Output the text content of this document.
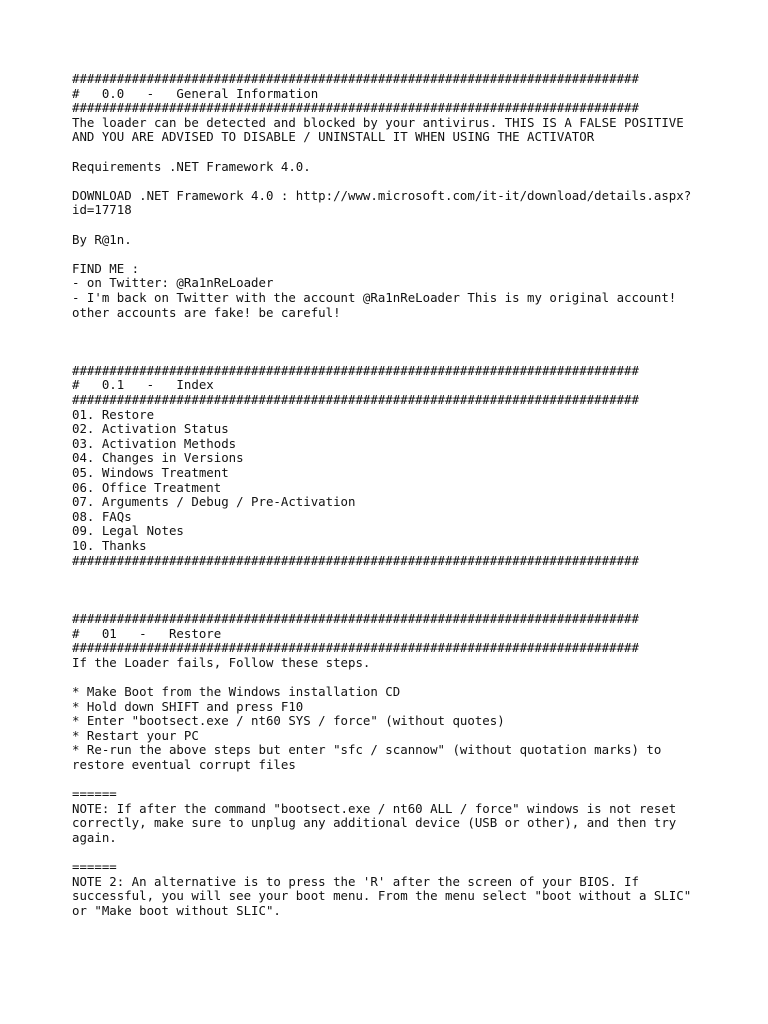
############################################################################
#   0.0   -   General Information
############################################################################
The loader can be detected and blocked by your antivirus. THIS IS A FALSE POSITIVE
AND YOU ARE ADVISED TO DISABLE / UNINSTALL IT WHEN USING THE ACTIVATOR
Requirements .NET Framework 4.0.
DOWNLOAD .NET Framework 4.0 : http://www.microsoft.com/it-it/download/details.aspx?
id=17718
By R@1n.
FIND ME :
- on Twitter: @Ra1nReLoader
- I'm back on Twitter with the account @Ra1nReLoader This is my original account!
other accounts are fake! be careful!
############################################################################
#   0.1   -   Index
############################################################################
01. Restore
02. Activation Status
03. Activation Methods
04. Changes in Versions
05. Windows Treatment
06. Office Treatment
07. Arguments / Debug / Pre-Activation
08. FAQs
09. Legal Notes
10. Thanks
############################################################################
############################################################################
#   01   -   Restore
############################################################################
If the Loader fails, Follow these steps.
* Make Boot from the Windows installation CD
* Hold down SHIFT and press F10
* Enter "bootsect.exe / nt60 SYS / force" (without quotes)
* Restart your PC
* Re-run the above steps but enter "sfc / scannow" (without quotation marks) to
restore eventual corrupt files
======
NOTE: If after the command "bootsect.exe / nt60 ALL / force" windows is not reset
correctly, make sure to unplug any additional device (USB or other), and then try
again.
======
NOTE 2: An alternative is to press the 'R' after the screen of your BIOS. If
successful, you will see your boot menu. From the menu select "boot without a SLIC"
or "Make boot without SLIC".
